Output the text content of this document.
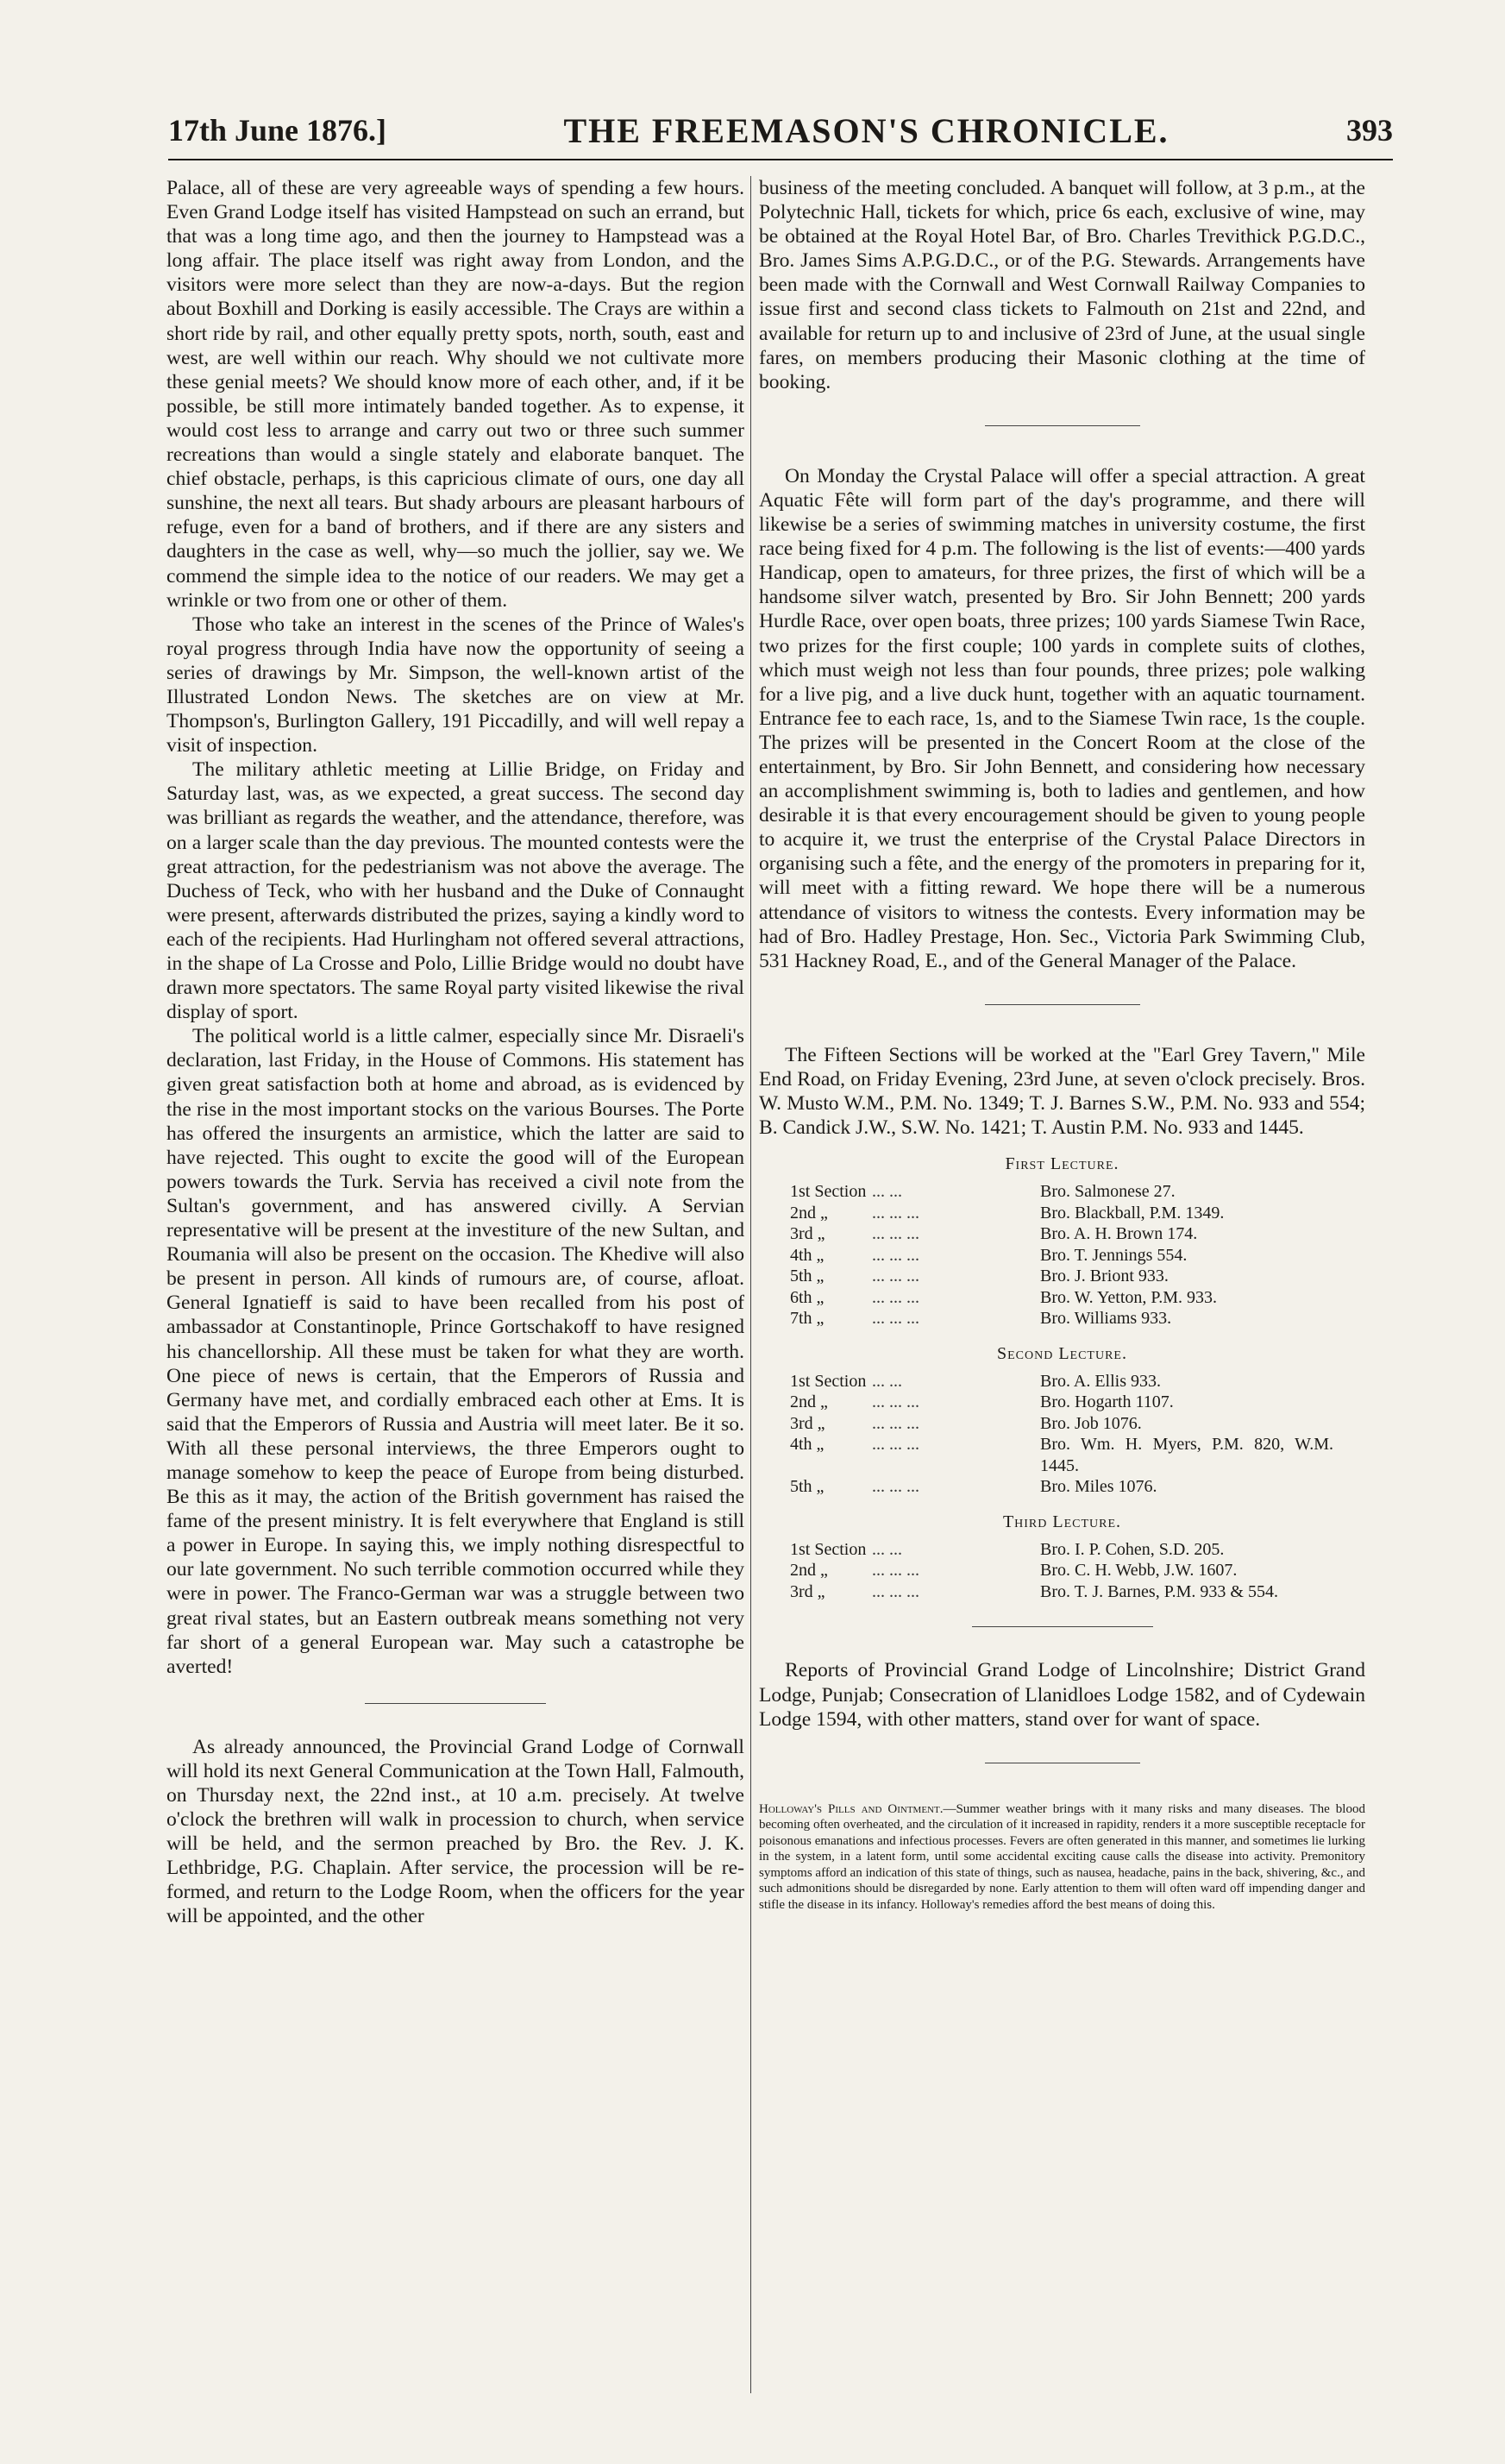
17th June 1876.]	THE FREEMASON'S CHRONICLE.	393

Palace, all of these are very agreeable ways of spending a few hours. Even Grand Lodge itself has visited Hampstead on such an errand, but that was a long time ago, and then the journey to Hampstead was a long affair. The place itself was right away from London, and the visitors were more select than they are now-a-days. But the region about Boxhill and Dorking is easily accessible. The Crays are within a short ride by rail, and other equally pretty spots, north, south, east and west, are well within our reach. Why should we not cultivate more these genial meets? We should know more of each other, and, if it be possible, be still more intimately banded together. As to expense, it would cost less to arrange and carry out two or three such summer recreations than would a single stately and elaborate banquet. The chief obstacle, perhaps, is this capricious climate of ours, one day all sunshine, the next all tears. But shady arbours are pleasant harbours of refuge, even for a band of brothers, and if there are any sisters and daughters in the case as well, why—so much the jollier, say we. We commend the simple idea to the notice of our readers. We may get a wrinkle or two from one or other of them.

Those who take an interest in the scenes of the Prince of Wales's royal progress through India have now the opportunity of seeing a series of drawings by Mr. Simpson, the well-known artist of the Illustrated London News. The sketches are on view at Mr. Thompson's, Burlington Gallery, 191 Piccadilly, and will well repay a visit of inspection.

The military athletic meeting at Lillie Bridge, on Friday and Saturday last, was, as we expected, a great success. The second day was brilliant as regards the weather, and the attendance, therefore, was on a larger scale than the day previous. The mounted contests were the great attraction, for the pedestrianism was not above the average. The Duchess of Teck, who with her husband and the Duke of Connaught were present, afterwards distributed the prizes, saying a kindly word to each of the recipients. Had Hurlingham not offered several attractions, in the shape of La Crosse and Polo, Lillie Bridge would no doubt have drawn more spectators. The same Royal party visited likewise the rival display of sport.

The political world is a little calmer, especially since Mr. Disraeli's declaration, last Friday, in the House of Commons. His statement has given great satisfaction both at home and abroad, as is evidenced by the rise in the most important stocks on the various Bourses. The Porte has offered the insurgents an armistice, which the latter are said to have rejected. This ought to excite the good will of the European powers towards the Turk. Servia has received a civil note from the Sultan's government, and has answered civilly. A Servian representative will be present at the investiture of the new Sultan, and Roumania will also be present on the occasion. The Khedive will also be present in person. All kinds of rumours are, of course, afloat. General Ignatieff is said to have been recalled from his post of ambassador at Constantinople, Prince Gortschakoff to have resigned his chancellorship. All these must be taken for what they are worth. One piece of news is certain, that the Emperors of Russia and Germany have met, and cordially embraced each other at Ems. It is said that the Emperors of Russia and Austria will meet later. Be it so. With all these personal interviews, the three Emperors ought to manage somehow to keep the peace of Europe from being disturbed. Be this as it may, the action of the British government has raised the fame of the present ministry. It is felt everywhere that England is still a power in Europe. In saying this, we imply nothing disrespectful to our late government. No such terrible commotion occurred while they were in power. The Franco-German war was a struggle between two great rival states, but an Eastern outbreak means something not very far short of a general European war. May such a catastrophe be averted!

As already announced, the Provincial Grand Lodge of Cornwall will hold its next General Communication at the Town Hall, Falmouth, on Thursday next, the 22nd inst., at 10 a.m. precisely. At twelve o'clock the brethren will walk in procession to church, when service will be held, and the sermon preached by Bro. the Rev. J. K. Lethbridge, P.G. Chaplain. After service, the procession will be re-formed, and return to the Lodge Room, when the officers for the year will be appointed, and the other

business of the meeting concluded. A banquet will follow, at 3 p.m., at the Polytechnic Hall, tickets for which, price 6s each, exclusive of wine, may be obtained at the Royal Hotel Bar, of Bro. Charles Trevithick P.G.D.C., Bro. James Sims A.P.G.D.C., or of the P.G. Stewards. Arrangements have been made with the Cornwall and West Cornwall Railway Companies to issue first and second class tickets to Falmouth on 21st and 22nd, and available for return up to and inclusive of 23rd of June, at the usual single fares, on members producing their Masonic clothing at the time of booking.

On Monday the Crystal Palace will offer a special attraction. A great Aquatic Fête will form part of the day's programme, and there will likewise be a series of swimming matches in university costume, the first race being fixed for 4 p.m. The following is the list of events:—400 yards Handicap, open to amateurs, for three prizes, the first of which will be a handsome silver watch, presented by Bro. Sir John Bennett; 200 yards Hurdle Race, over open boats, three prizes; 100 yards Siamese Twin Race, two prizes for the first couple; 100 yards in complete suits of clothes, which must weigh not less than four pounds, three prizes; pole walking for a live pig, and a live duck hunt, together with an aquatic tournament. Entrance fee to each race, 1s, and to the Siamese Twin race, 1s the couple. The prizes will be presented in the Concert Room at the close of the entertainment, by Bro. Sir John Bennett, and considering how necessary an accomplishment swimming is, both to ladies and gentlemen, and how desirable it is that every encouragement should be given to young people to acquire it, we trust the enterprise of the Crystal Palace Directors in organising such a fête, and the energy of the promoters in preparing for it, will meet with a fitting reward. We hope there will be a numerous attendance of visitors to witness the contests. Every information may be had of Bro. Hadley Prestage, Hon. Sec., Victoria Park Swimming Club, 531 Hackney Road, E., and of the General Manager of the Palace.

The Fifteen Sections will be worked at the "Earl Grey Tavern," Mile End Road, on Friday Evening, 23rd June, at seven o'clock precisely. Bros. W. Musto W.M., P.M. No. 1349; T. J. Barnes S.W., P.M. No. 933 and 554; B. Candick J.W., S.W. No. 1421; T. Austin P.M. No. 933 and 1445.

First Lecture.
1st Section	... ...	Bro. Salmonese 27.
2nd „	... ... ...	Bro. Blackball, P.M. 1349.
3rd „	... ... ...	Bro. A. H. Brown 174.
4th „	... ... ...	Bro. T. Jennings 554.
5th „	... ... ...	Bro. J. Briont 933.
6th „	... ... ...	Bro. W. Yetton, P.M. 933.
7th „	... ... ...	Bro. Williams 933.
Second Lecture.
1st Section	... ...	Bro. A. Ellis 933.
2nd „	... ... ...	Bro. Hogarth 1107.
3rd „	... ... ...	Bro. Job 1076.
4th „	... ... ...	Bro. Wm. H. Myers, P.M. 820, W.M. 1445.
5th „	... ... ...	Bro. Miles 1076.
Third Lecture.
1st Section	... ...	Bro. I. P. Cohen, S.D. 205.
2nd „	... ... ...	Bro. C. H. Webb, J.W. 1607.
3rd „	... ... ...	Bro. T. J. Barnes, P.M. 933 & 554.

Reports of Provincial Grand Lodge of Lincolnshire; District Grand Lodge, Punjab; Consecration of Llanidloes Lodge 1582, and of Cydewain Lodge 1594, with other matters, stand over for want of space.

Holloway's Pills and Ointment.—Summer weather brings with it many risks and many diseases. The blood becoming often overheated, and the circulation of it increased in rapidity, renders it a more susceptible receptacle for poisonous emanations and infectious processes. Fevers are often generated in this manner, and sometimes lie lurking in the system, in a latent form, until some accidental exciting cause calls the disease into activity. Premonitory symptoms afford an indication of this state of things, such as nausea, headache, pains in the back, shivering, &c., and such admonitions should be disregarded by none. Early attention to them will often ward off impending danger and stifle the disease in its infancy. Holloway's remedies afford the best means of doing this.
